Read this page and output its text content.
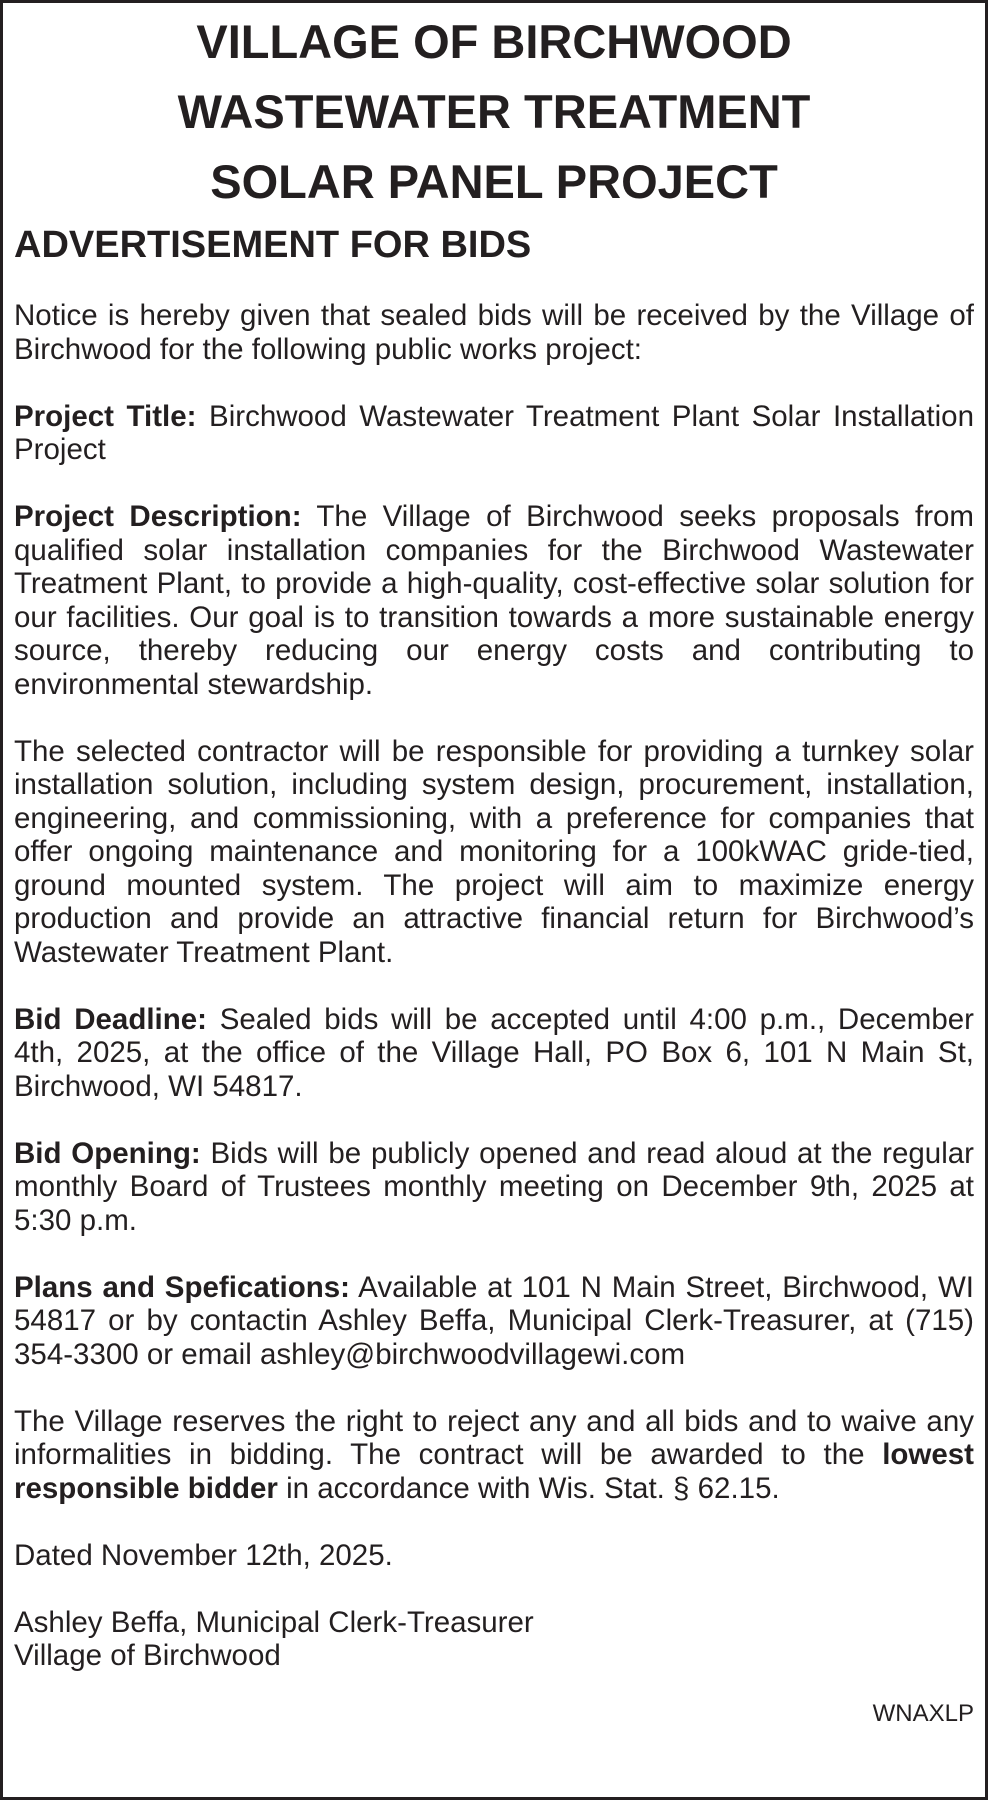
VILLAGE OF BIRCHWOOD
WASTEWATER TREATMENT
SOLAR PANEL PROJECT
ADVERTISEMENT FOR BIDS

Notice is hereby given that sealed bids will be received by the Village of Birchwood for the following public works project:

Project Title: Birchwood Wastewater Treatment Plant Solar Installation Project

Project Description: The Village of Birchwood seeks proposals from qualified solar installation companies for the Birchwood Wastewater Treatment Plant, to provide a high-quality, cost-effective solar solution for our facilities. Our goal is to transition towards a more sustainable energy source, thereby reducing our energy costs and contributing to environmental stewardship.

The selected contractor will be responsible for providing a turnkey solar installation solution, including system design, procurement, installation, engineering, and commissioning, with a preference for companies that offer ongoing maintenance and monitoring for a 100kWAC gride-tied, ground mounted system. The project will aim to maximize energy production and provide an attractive financial return for Birchwood’s Wastewater Treatment Plant.

Bid Deadline: Sealed bids will be accepted until 4:00 p.m., December 4th, 2025, at the office of the Village Hall, PO Box 6, 101 N Main St, Birchwood, WI 54817.

Bid Opening: Bids will be publicly opened and read aloud at the regular monthly Board of Trustees monthly meeting on December 9th, 2025 at 5:30 p.m.

Plans and Spefications: Available at 101 N Main Street, Birchwood, WI 54817 or by contactin Ashley Beffa, Municipal Clerk-Treasurer, at (715) 354-3300 or email ashley@birchwoodvillagewi.com

The Village reserves the right to reject any and all bids and to waive any informalities in bidding. The contract will be awarded to the lowest responsible bidder in accordance with Wis. Stat. § 62.15.

Dated November 12th, 2025.

Ashley Beffa, Municipal Clerk-Treasurer
Village of Birchwood

WNAXLP
